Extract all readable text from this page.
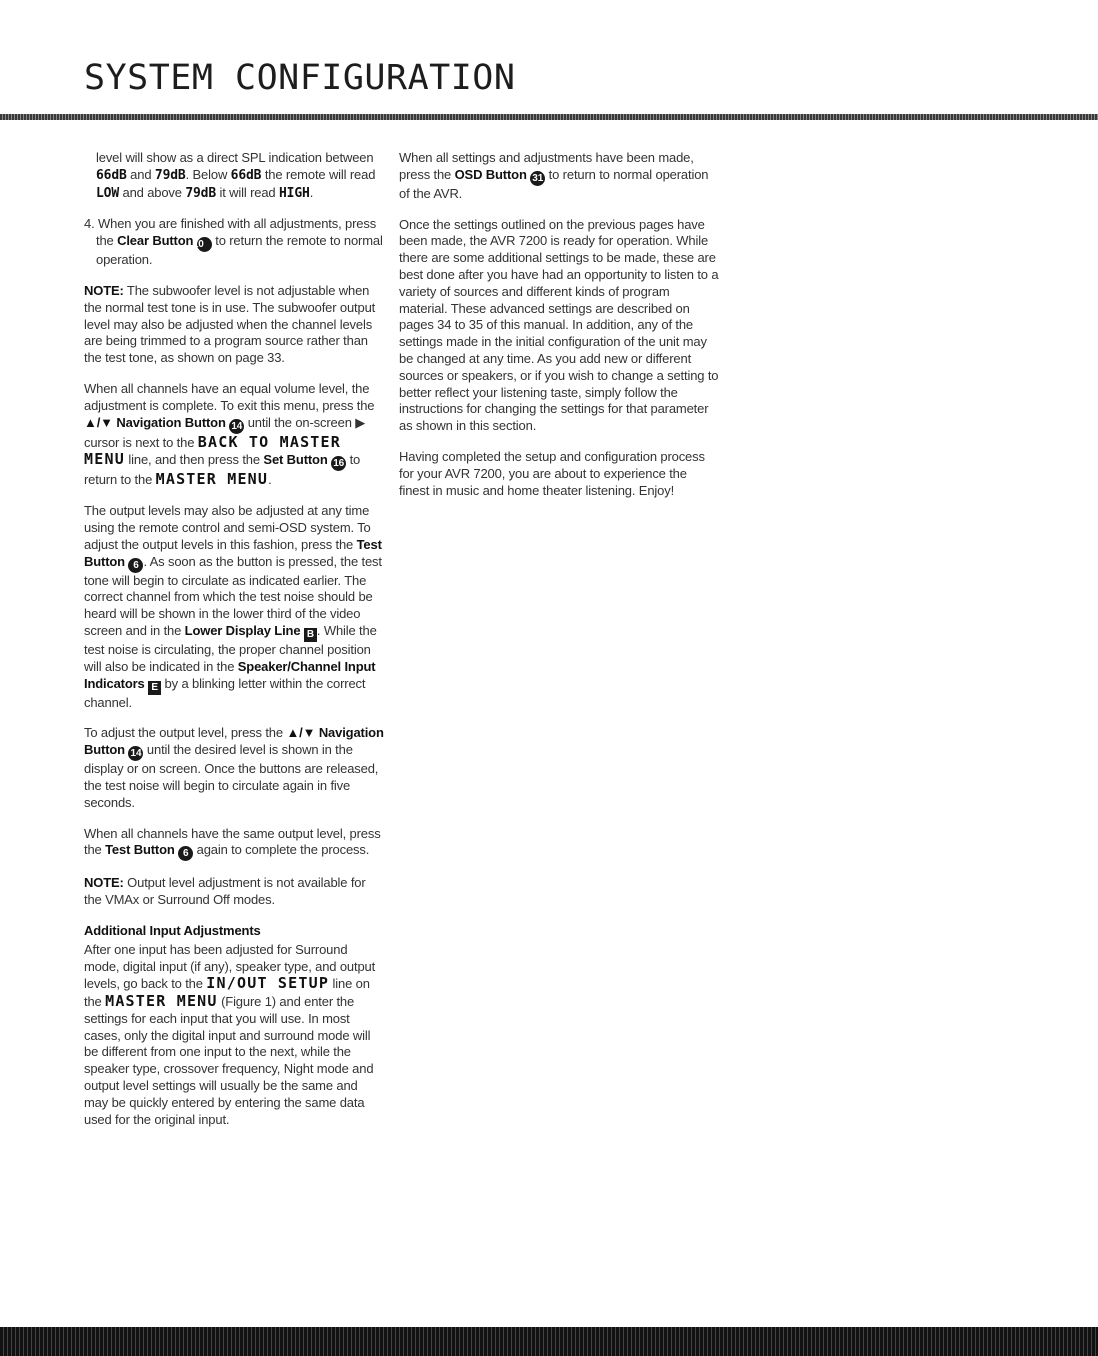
SYSTEM CONFIGURATION

level will show as a direct SPL indication between 66dB and 79dB. Below 66dB the remote will read LOW and above 79dB it will read HIGH.

4. When you are finished with all adjustments, press the Clear Button 10 to return the remote to normal operation.

NOTE: The subwoofer level is not adjustable when the normal test tone is in use. The subwoofer output level may also be adjusted when the channel levels are being trimmed to a program source rather than the test tone, as shown on page 33.

When all channels have an equal volume level, the adjustment is complete. To exit this menu, press the ▲/▼ Navigation Button 14 until the on-screen ▶ cursor is next to the BACK TO MASTER MENU line, and then press the Set Button 16 to return to the MASTER MENU.

The output levels may also be adjusted at any time using the remote control and semi-OSD system. To adjust the output levels in this fashion, press the Test Button 6 . As soon as the button is pressed, the test tone will begin to circulate as indicated earlier. The correct channel from which the test noise should be heard will be shown in the lower third of the video screen and in the Lower Display Line B . While the test noise is circulating, the proper channel position will also be indicated in the Speaker/Channel Input Indicators E by a blinking letter within the correct channel.

To adjust the output level, press the ▲/▼ Navigation Button 14 until the desired level is shown in the display or on screen. Once the buttons are released, the test noise will begin to circulate again in five seconds.

When all channels have the same output level, press the Test Button 6 again to complete the process.

NOTE: Output level adjustment is not available for the VMAx or Surround Off modes.

Additional Input Adjustments

After one input has been adjusted for Surround mode, digital input (if any), speaker type, and output levels, go back to the IN/OUT SETUP line on the MASTER MENU (Figure 1) and enter the settings for each input that you will use. In most cases, only the digital input and surround mode will be different from one input to the next, while the speaker type, crossover frequency, Night mode and output level settings will usually be the same and may be quickly entered by entering the same data used for the original input.

When all settings and adjustments have been made, press the OSD Button 31 to return to normal operation of the AVR.

Once the settings outlined on the previous pages have been made, the AVR 7200 is ready for operation. While there are some additional settings to be made, these are best done after you have had an opportunity to listen to a variety of sources and different kinds of program material. These advanced settings are described on pages 34 to 35 of this manual. In addition, any of the settings made in the initial configuration of the unit may be changed at any time. As you add new or different sources or speakers, or if you wish to change a setting to better reflect your listening taste, simply follow the instructions for changing the settings for that parameter as shown in this section.

Having completed the setup and configuration process for your AVR 7200, you are about to experience the finest in music and home theater listening. Enjoy!
